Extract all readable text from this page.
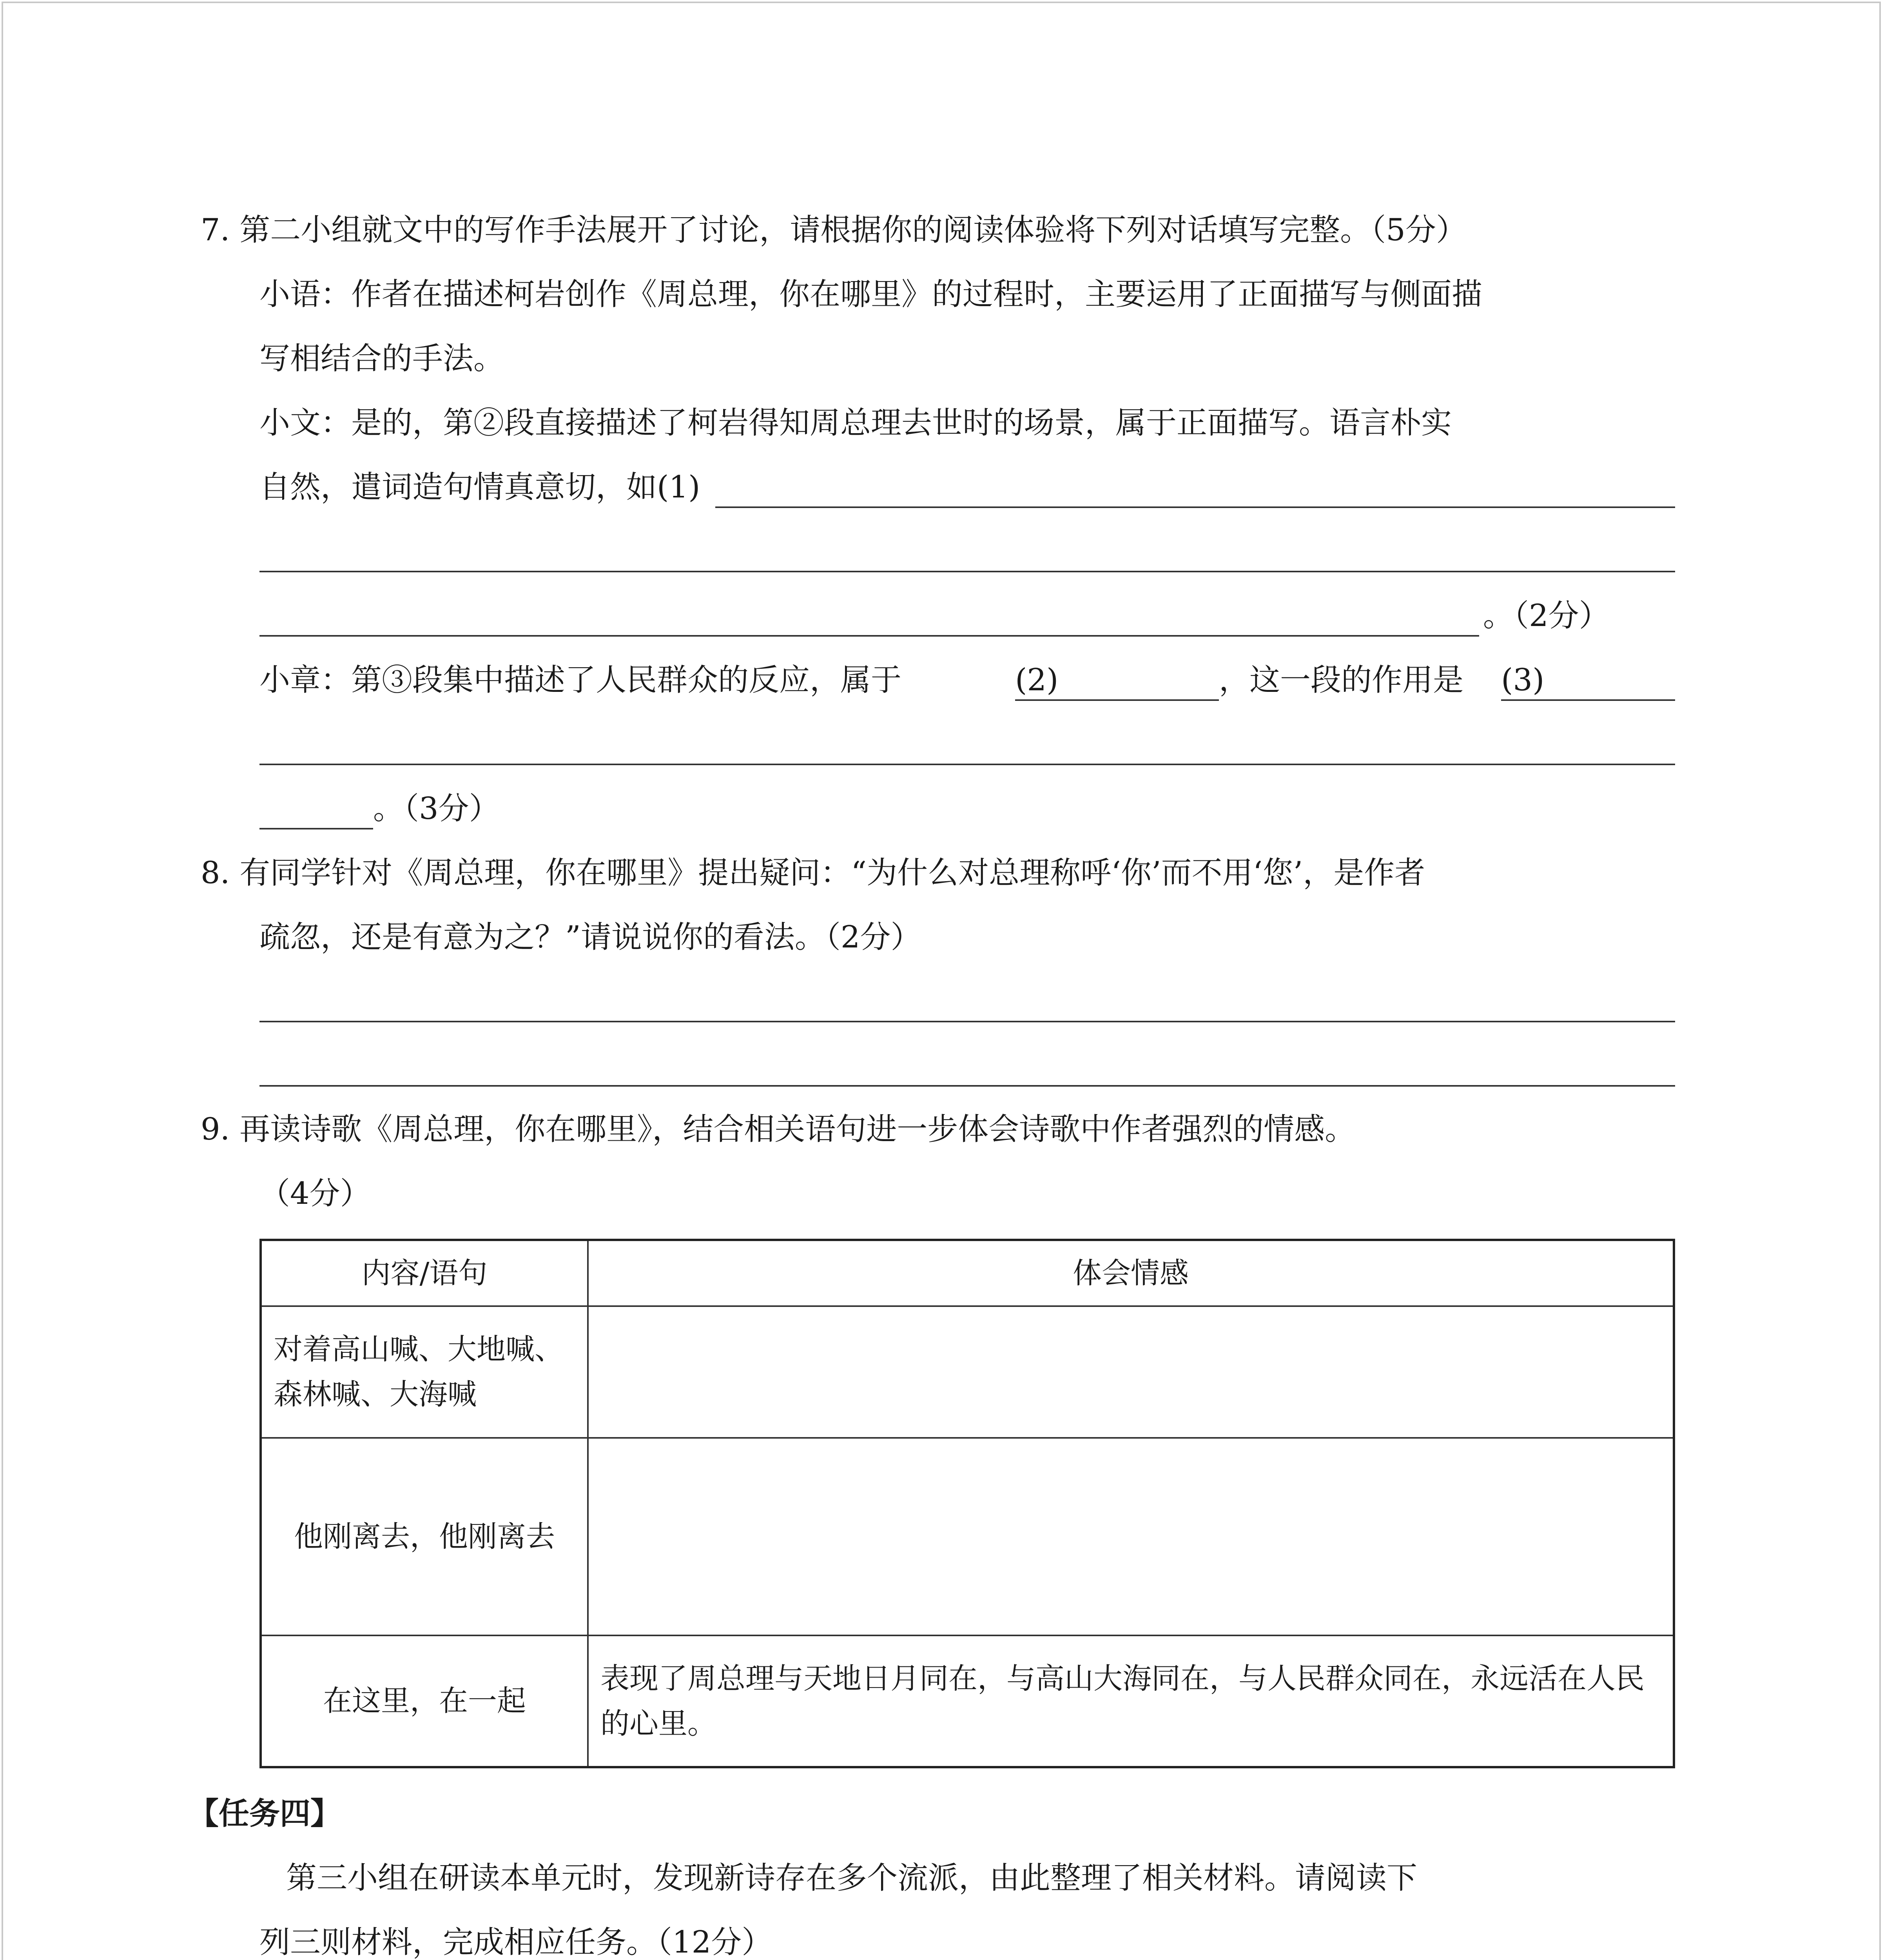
7. 第二小组就文中的写作手法展开了讨论，请根据你的阅读体验将下列对话填写完整。（5分）
小语：作者在描述柯岩创作《周总理，你在哪里》的过程时，主要运用了正面描写与侧面描
写相结合的手法。
小文：是的，第②段直接描述了柯岩得知周总理去世时的场景，属于正面描写。语言朴实
自然，遣词造句情真意切，如(1)
。（2分）
小章：第③段集中描述了人民群众的反应，属于	(2)	，这一段的作用是 (3)
。（3分）
8. 有同学针对《周总理，你在哪里》提出疑问：“为什么对总理称呼‘你’而不用‘您’，是作者
疏忽，还是有意为之？”请说说你的看法。（2分）
9. 再读诗歌《周总理，你在哪里》，结合相关语句进一步体会诗歌中作者强烈的情感。
（4分）
内容/语句	体会情感
对着高山喊、大地喊、森林喊、大海喊	
他刚离去，他刚离去	
在这里，在一起	表现了周总理与天地日月同在，与高山大海同在，与人民群众同在，永远活在人民的心里。
【任务四】
第三小组在研读本单元时，发现新诗存在多个流派，由此整理了相关材料。请阅读下
列三则材料，完成相应任务。（12分）
